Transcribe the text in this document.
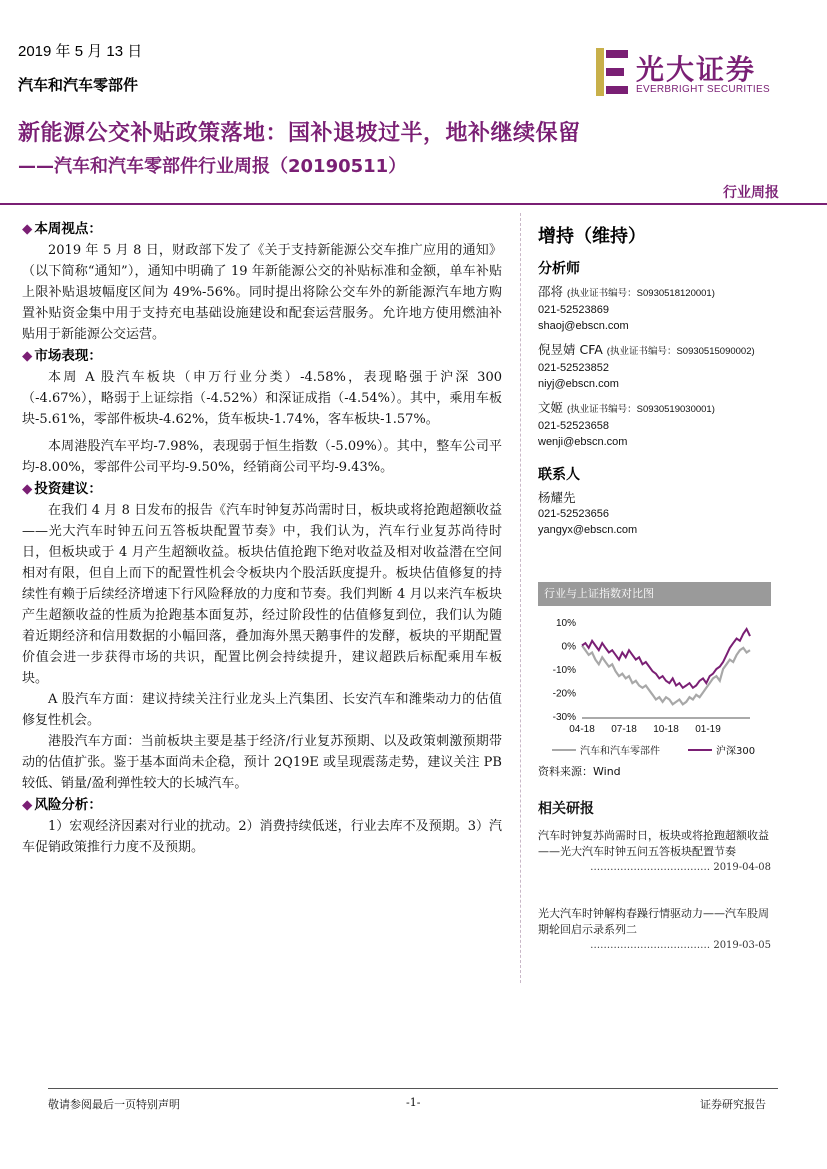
2019 年 5 月 13 日
汽车和汽车零部件	光大证券
EVERBRIGHT SECURITIES
新能源公交补贴政策落地：国补退坡过半，地补继续保留
——汽车和汽车零部件行业周报（20190511）
行业周报
◆ 本周视点：

2019 年 5 月 8 日，财政部下发了《关于支持新能源公交车推广应用的通知》（以下简称“通知”），通知中明确了 19 年新能源公交的补贴标准和金额，单车补贴上限补贴退坡幅度区间为 49%-56%。同时提出将除公交车外的新能源汽车地方购置补贴资金集中用于支持充电基础设施建设和配套运营服务。允许地方使用燃油补贴用于新能源公交运营。

◆ 市场表现：

本周 A 股汽车板块（申万行业分类）-4.58%，表现略强于沪深 300（-4.67%），略弱于上证综指（-4.52%）和深证成指（-4.54%）。其中，乘用车板块-5.61%，零部件板块-4.62%，货车板块-1.74%，客车板块-1.57%。

本周港股汽车平均-7.98%，表现弱于恒生指数（-5.09%）。其中，整车公司平均-8.00%，零部件公司平均-9.50%，经销商公司平均-9.43%。

◆ 投资建议：

在我们 4 月 8 日发布的报告《汽车时钟复苏尚需时日，板块或将抢跑超额收益——光大汽车时钟五问五答板块配置节奏》中，我们认为，汽车行业复苏尚待时日，但板块或于 4 月产生超额收益。板块估值抢跑下绝对收益及相对收益潜在空间相对有限，但自上而下的配置性机会令板块内个股活跃度提升。板块估值修复的持续性有赖于后续经济增速下行风险释放的力度和节奏。我们判断 4 月以来汽车板块产生超额收益的性质为抢跑基本面复苏，经过阶段性的估值修复到位，我们认为随着近期经济和信用数据的小幅回落，叠加海外黑天鹅事件的发酵，板块的平期配置价值会进一步获得市场的共识，配置比例会持续提升，建议超跌后标配乘用车板块。

A 股汽车方面：建议持续关注行业龙头上汽集团、长安汽车和潍柴动力的估值修复性机会。

港股汽车方面：当前板块主要是基于经济/行业复苏预期、以及政策刺激预期带动的估值扩张。鉴于基本面尚未企稳，预计 2Q19E 或呈现震荡走势，建议关注 PB 较低、销量/盈利弹性较大的长城汽车。

◆ 风险分析：

1）宏观经济因素对行业的扰动。2）消费持续低迷，行业去库不及预期。3）汽车促销政策推行力度不及预期。

增持（维持）
分析师
邵将 (执业证书编号：S0930518120001)
021-52523869
shaoj@ebscn.com
倪昱婧 CFA (执业证书编号：S0930515090002)
021-52523852
niyj@ebscn.com
文姬 (执业证书编号：S0930519030001)
021-52523658
wenji@ebscn.com
联系人
杨耀先
021-52523656
yangyx@ebscn.com
行业与上证指数对比图
10%
0%
-10%
-20%
-30%
04-18 07-18 10-18 01-19
汽车和汽车零部件	沪深300
资料来源：Wind
相关研报
汽车时钟复苏尚需时日，板块或将抢跑超额收益——光大汽车时钟五问五答板块配置节奏
……………………………… 2019-04-08
光大汽车时钟解构春躁行情驱动力——汽车股周期轮回启示录系列二
……………………………… 2019-03-05
敬请参阅最后一页特别声明	-1-	证券研究报告
